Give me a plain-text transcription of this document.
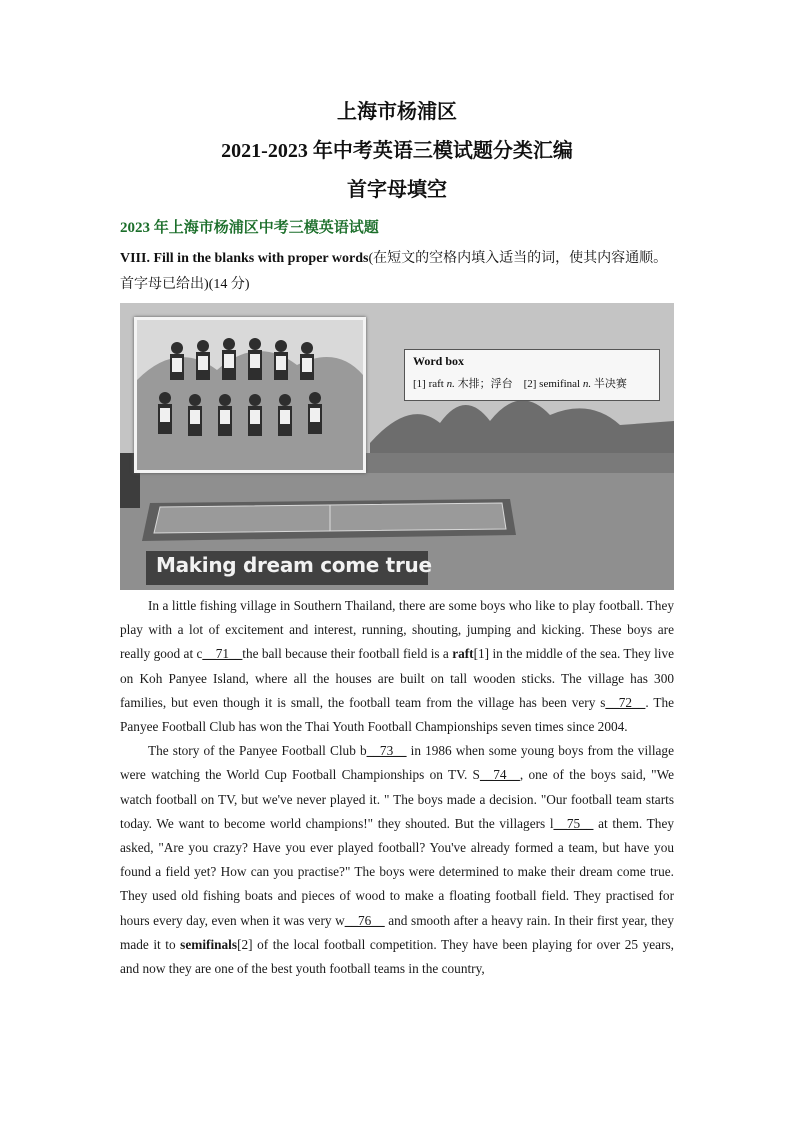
上海市杨浦区
2021-2023 年中考英语三模试题分类汇编
首字母填空
2023 年上海市杨浦区中考三模英语试题
VIII. Fill in the blanks with proper words(在短文的空格内填入适当的词，使其内容通顺。首字母已给出)(14 分)
Word box
[1] raft n. 木排；浮台 [2] semifinal n. 半决赛
Making dream come true

In a little fishing village in Southern Thailand, there are some boys who like to play football. They play with a lot of excitement and interest, running, shouting, jumping and kicking. These boys are really good at c__71__the ball because their football field is a raft[1] in the middle of the sea. They live on Koh Panyee Island, where all the houses are built on tall wooden sticks. The village has 300 families, but even though it is small, the football team from the village has been very s__72__. The Panyee Football Club has won the Thai Youth Football Championships seven times since 2004.

The story of the Panyee Football Club b__73__ in 1986 when some young boys from the village were watching the World Cup Football Championships on TV. S__74__, one of the boys said, "We watch football on TV, but we've never played it. " The boys made a decision. "Our football team starts today. We want to become world champions!" they shouted. But the villagers l__75__ at them. They asked, "Are you crazy? Have you ever played football? You've already formed a team, but have you found a field yet? How can you practise?" The boys were determined to make their dream come true. They used old fishing boats and pieces of wood to make a floating football field. They practised for hours every day, even when it was very w__76__ and smooth after a heavy rain. In their first year, they made it to semifinals[2] of the local football competition. They have been playing for over 25 years, and now they are one of the best youth football teams in the country,
